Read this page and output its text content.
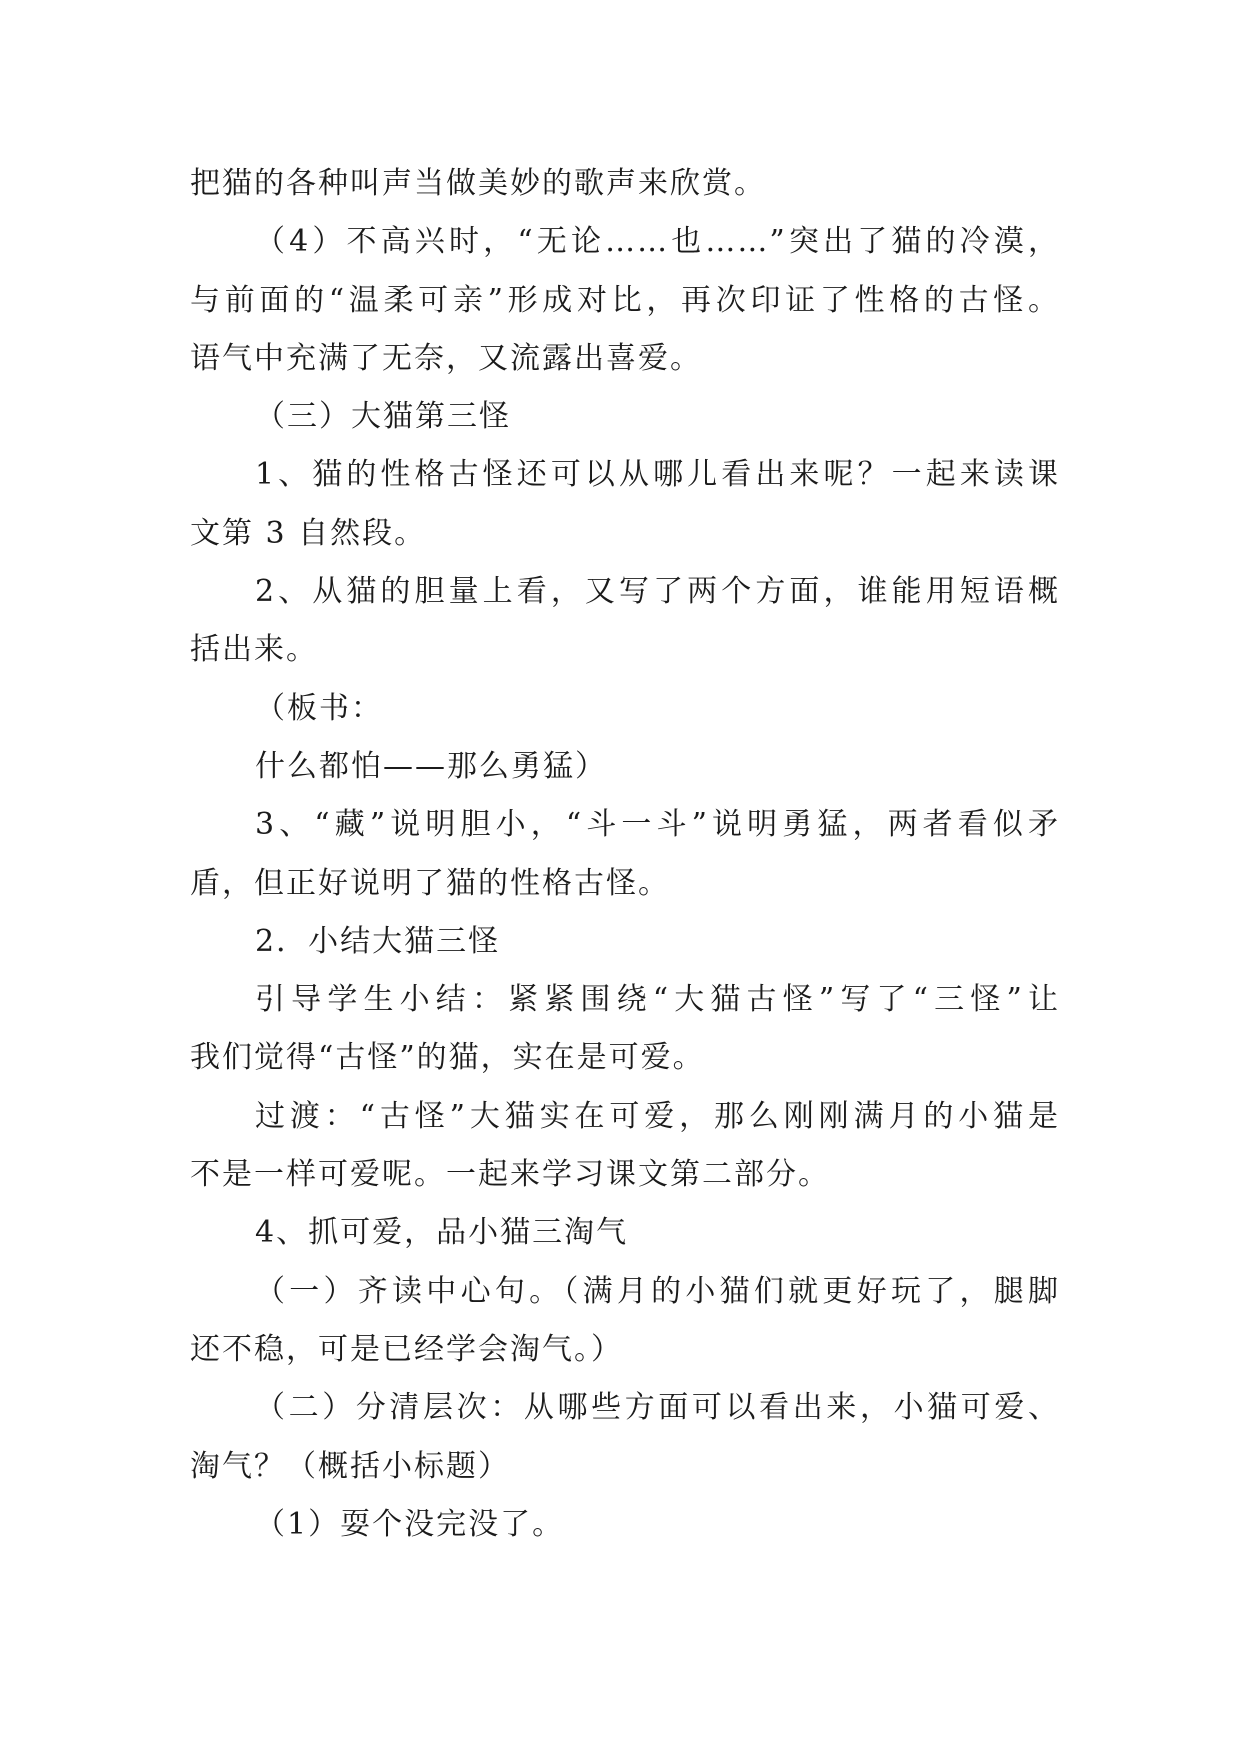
把猫的各种叫声当做美妙的歌声来欣赏。
（4）不高兴时，“无论……也……”突出了猫的冷漠，
与前面的“温柔可亲”形成对比，再次印证了性格的古怪。
语气中充满了无奈，又流露出喜爱。
（三）大猫第三怪
1、猫的性格古怪还可以从哪儿看出来呢？一起来读课
文第 3 自然段。
2、从猫的胆量上看，又写了两个方面，谁能用短语概
括出来。
（板书：
什么都怕——那么勇猛）
3、“藏”说明胆小，“斗一斗”说明勇猛，两者看似矛
盾，但正好说明了猫的性格古怪。
2．小结大猫三怪
引导学生小结：紧紧围绕“大猫古怪”写了“三怪”让
我们觉得“古怪”的猫，实在是可爱。
过渡：“古怪”大猫实在可爱，那么刚刚满月的小猫是
不是一样可爱呢。一起来学习课文第二部分。
4、抓可爱，品小猫三淘气
（一）齐读中心句。（满月的小猫们就更好玩了，腿脚
还不稳，可是已经学会淘气。）
（二）分清层次：从哪些方面可以看出来，小猫可爱、
淘气？（概括小标题）
（1）耍个没完没了。
